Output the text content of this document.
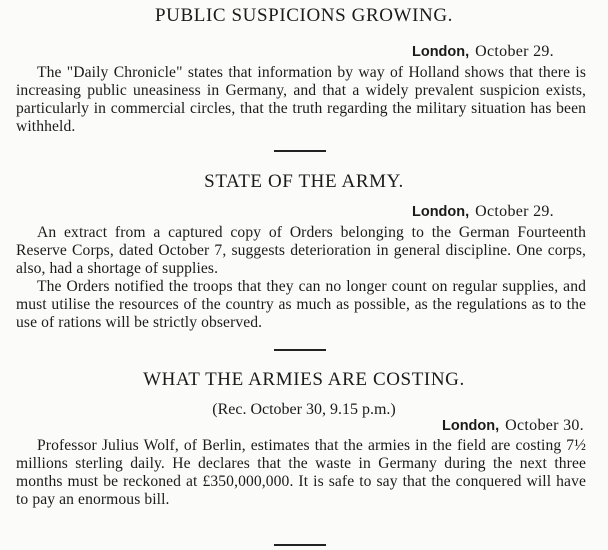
PUBLIC SUSPICIONS GROWING.
London, October 29.
The "Daily Chronicle" states that information by way of Holland shows that there is increasing public uneasiness in Germany, and that a widely prevalent suspicion exists, particularly in commercial circles, that the truth regarding the military situation has been withheld.
STATE OF THE ARMY.
London, October 29.
An extract from a captured copy of Orders belonging to the German Fourteenth Reserve Corps, dated October 7, suggests deterioration in general discipline. One corps, also, had a shortage of supplies.
The Orders notified the troops that they can no longer count on regular supplies, and must utilise the resources of the country as much as possible, as the regulations as to the use of rations will be strictly observed.
WHAT THE ARMIES ARE COSTING.
(Rec. October 30, 9.15 p.m.)
London, October 30.
Professor Julius Wolf, of Berlin, estimates that the armies in the field are costing 7½ millions sterling daily. He declares that the waste in Germany during the next three months must be reckoned at £350,000,000. It is safe to say that the conquered will have to pay an enormous bill.
